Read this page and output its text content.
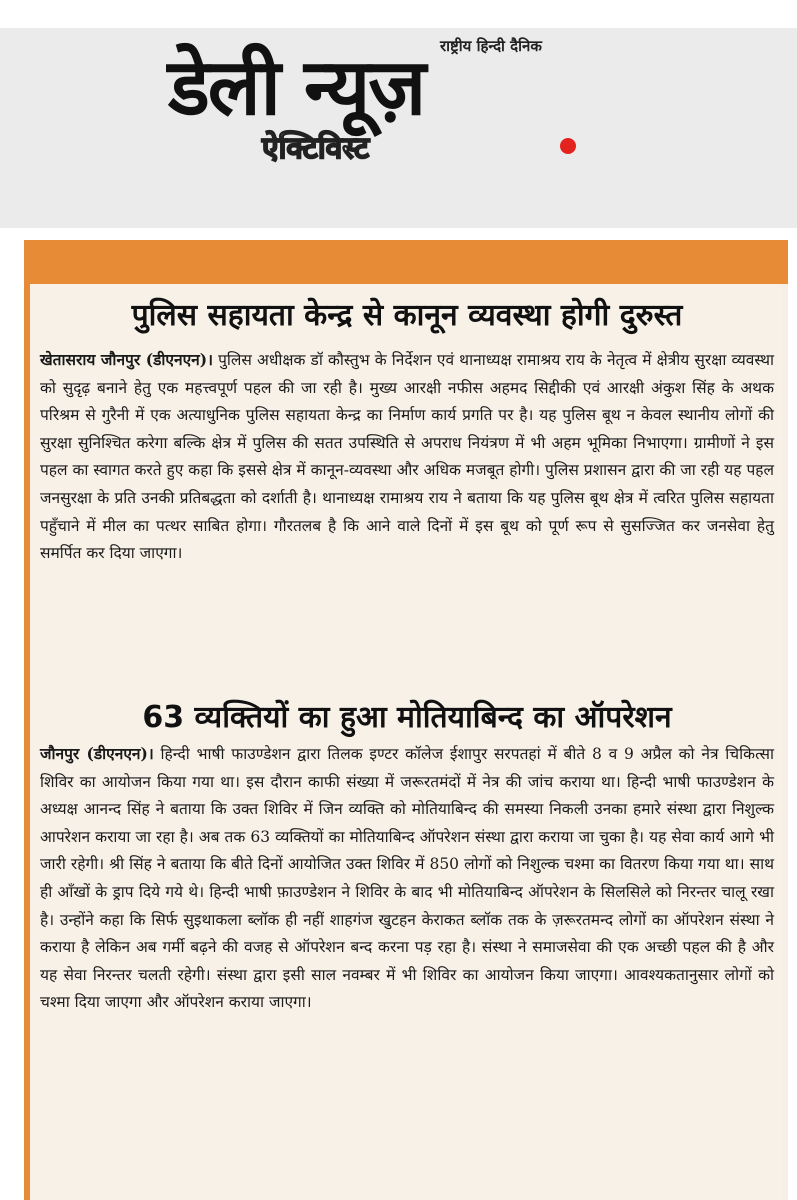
राष्ट्रीय हिन्दी दैनिक
डेली न्यूज़
ऐक्टिविस्ट
पुलिस सहायता केन्द्र से कानून व्यवस्था होगी दुरुस्त
खेतासराय जौनपुर (डीएनएन)। पुलिस अधीक्षक डॉ कौस्तुभ के निर्देशन एवं थानाध्यक्ष रामाश्रय राय के नेतृत्व में क्षेत्रीय सुरक्षा व्यवस्था को सुदृढ़ बनाने हेतु एक महत्त्वपूर्ण पहल की जा रही है। मुख्य आरक्षी नफीस अहमद सिद्दीकी एवं आरक्षी अंकुश सिंह के अथक परिश्रम से गुरैनी में एक अत्याधुनिक पुलिस सहायता केन्द्र का निर्माण कार्य प्रगति पर है। यह पुलिस बूथ न केवल स्थानीय लोगों की सुरक्षा सुनिश्चित करेगा बल्कि क्षेत्र में पुलिस की सतत उपस्थिति से अपराध नियंत्रण में भी अहम भूमिका निभाएगा। ग्रामीणों ने इस पहल का स्वागत करते हुए कहा कि इससे क्षेत्र में कानून-व्यवस्था और अधिक मजबूत होगी। पुलिस प्रशासन द्वारा की जा रही यह पहल जनसुरक्षा के प्रति उनकी प्रतिबद्धता को दर्शाती है। थानाध्यक्ष रामाश्रय राय ने बताया कि यह पुलिस बूथ क्षेत्र में त्वरित पुलिस सहायता पहुँचाने में मील का पत्थर साबित होगा। गौरतलब है कि आने वाले दिनों में इस बूथ को पूर्ण रूप से सुसज्जित कर जनसेवा हेतु समर्पित कर दिया जाएगा।
63 व्यक्तियों का हुआ मोतियाबिन्द का ऑपरेशन
जौनपुर (डीएनएन)। हिन्दी भाषी फाउण्डेशन द्वारा तिलक इण्टर कॉलेज ईशापुर सरपतहां में बीते 8 व 9 अप्रैल को नेत्र चिकित्सा शिविर का आयोजन किया गया था। इस दौरान काफी संख्या में जरूरतमंदों में नेत्र की जांच कराया था। हिन्दी भाषी फाउण्डेशन के अध्यक्ष आनन्द सिंह ने बताया कि उक्त शिविर में जिन व्यक्ति को मोतियाबिन्द की समस्या निकली उनका हमारे संस्था द्वारा निशुल्क आपरेशन कराया जा रहा है। अब तक 63 व्यक्तियों का मोतियाबिन्द ऑपरेशन संस्था द्वारा कराया जा चुका है। यह सेवा कार्य आगे भी जारी रहेगी। श्री सिंह ने बताया कि बीते दिनों आयोजित उक्त शिविर में 850 लोगों को निशुल्क चश्मा का वितरण किया गया था। साथ ही आँखों के ड्राप दिये गये थे। हिन्दी भाषी फ़ाउण्डेशन ने शिविर के बाद भी मोतियाबिन्द ऑपरेशन के सिलसिले को निरन्तर चालू रखा है। उन्होंने कहा कि सिर्फ सुइथाकला ब्लॉक ही नहीं शाहगंज खुटहन केराकत ब्लॉक तक के ज़रूरतमन्द लोगों का ऑपरेशन संस्था ने कराया है लेकिन अब गर्मी बढ़ने की वजह से ऑपरेशन बन्द करना पड़ रहा है। संस्था ने समाजसेवा की एक अच्छी पहल की है और यह सेवा निरन्तर चलती रहेगी। संस्था द्वारा इसी साल नवम्बर में भी शिविर का आयोजन किया जाएगा। आवश्यकतानुसार लोगों को चश्मा दिया जाएगा और ऑपरेशन कराया जाएगा।
